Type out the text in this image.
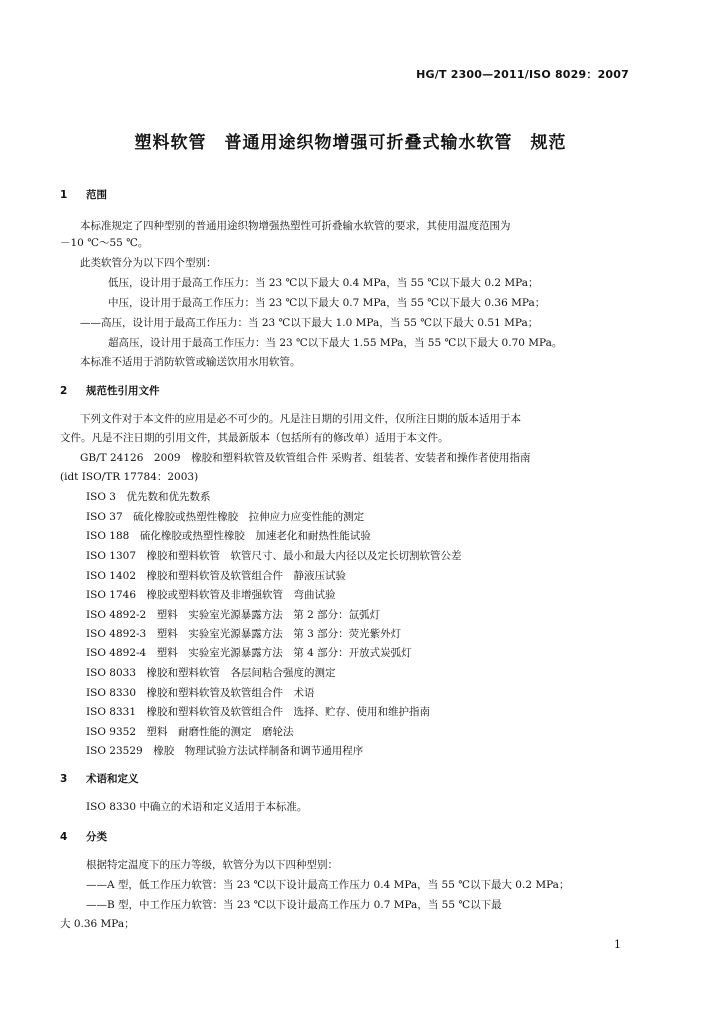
HG/T 2300—2011/ISO 8029：2007
塑料软管　普通用途织物增强可折叠式输水软管　规范
1 范围
本标准规定了四种型别的普通用途织物增强热塑性可折叠输水软管的要求，其使用温度范围为
－10 ℃～55 ℃。
此类软管分为以下四个型别：
低压，设计用于最高工作压力：当 23 ℃以下最大 0.4 MPa，当 55 ℃以下最大 0.2 MPa；
中压，设计用于最高工作压力：当 23 ℃以下最大 0.7 MPa，当 55 ℃以下最大 0.36 MPa；
——高压，设计用于最高工作压力：当 23 ℃以下最大 1.0 MPa，当 55 ℃以下最大 0.51 MPa；
超高压，设计用于最高工作压力：当 23 ℃以下最大 1.55 MPa，当 55 ℃以下最大 0.70 MPa。
本标准不适用于消防软管或输送饮用水用软管。
2 规范性引用文件
下列文件对于本文件的应用是必不可少的。凡是注日期的引用文件，仅所注日期的版本适用于本
文件。凡是不注日期的引用文件，其最新版本（包括所有的修改单）适用于本文件。
GB/T 24126　2009　橡胶和塑料软管及软管组合件 采购者、组装者、安装者和操作者使用指南
(idt ISO/TR 17784：2003)
ISO 3　优先数和优先数系
ISO 37　硫化橡胶或热塑性橡胶　拉伸应力应变性能的测定
ISO 188　硫化橡胶或热塑性橡胶　加速老化和耐热性能试验
ISO 1307　橡胶和塑料软管　软管尺寸、最小和最大内径以及定长切割软管公差
ISO 1402　橡胶和塑料软管及软管组合件　静液压试验
ISO 1746　橡胶或塑料软管及非增强软管　弯曲试验
ISO 4892-2　塑料　实验室光源暴露方法　第 2 部分：氙弧灯
ISO 4892-3　塑料　实验室光源暴露方法　第 3 部分：荧光紫外灯
ISO 4892-4　塑料　实验室光源暴露方法　第 4 部分：开放式炭弧灯
ISO 8033　橡胶和塑料软管　各层间粘合强度的测定
ISO 8330　橡胶和塑料软管及软管组合件　术语
ISO 8331　橡胶和塑料软管及软管组合件　选择、贮存、使用和维护指南
ISO 9352　塑料　耐磨性能的测定　磨轮法
ISO 23529　橡胶　物理试验方法试样制备和调节通用程序
3 术语和定义
ISO 8330 中确立的术语和定义适用于本标准。
4 分类
根据特定温度下的压力等级，软管分为以下四种型别：
——A 型，低工作压力软管：当 23 ℃以下设计最高工作压力 0.4 MPa，当 55 ℃以下最大 0.2 MPa；
——B 型，中工作压力软管：当 23 ℃以下设计最高工作压力 0.7 MPa，当 55 ℃以下最
大 0.36 MPa；
1
